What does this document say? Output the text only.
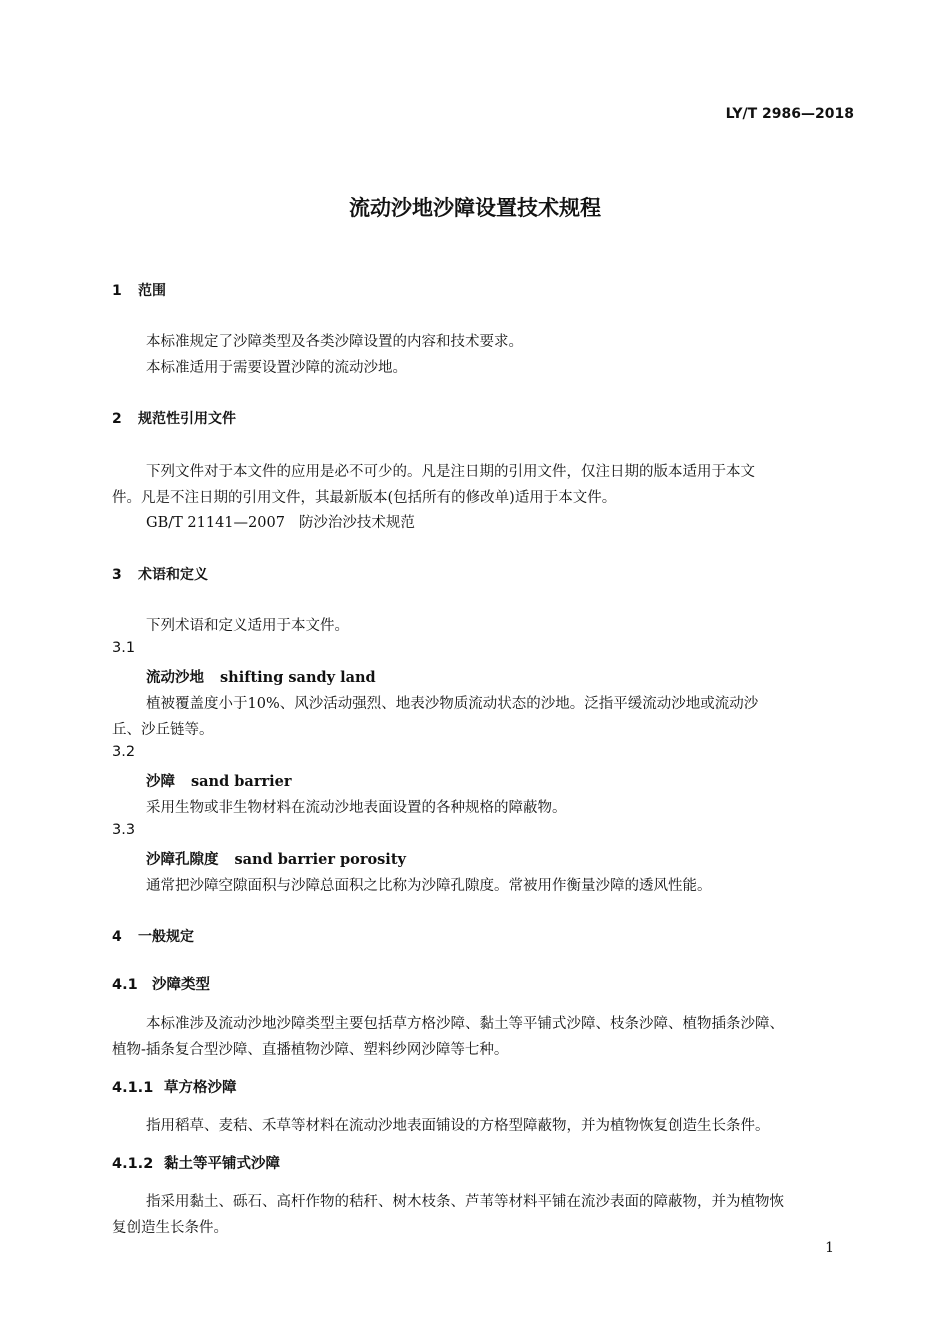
LY/T 2986—2018
流动沙地沙障设置技术规程
1 范围
本标准规定了沙障类型及各类沙障设置的内容和技术要求。
本标准适用于需要设置沙障的流动沙地。
2 规范性引用文件
下列文件对于本文件的应用是必不可少的。凡是注日期的引用文件，仅注日期的版本适用于本文
件。凡是不注日期的引用文件，其最新版本(包括所有的修改单)适用于本文件。
GB/T 21141—2007 防沙治沙技术规范
3 术语和定义
下列术语和定义适用于本文件。
3.1
流动沙地 shifting sandy land
植被覆盖度小于10%、风沙活动强烈、地表沙物质流动状态的沙地。泛指平缓流动沙地或流动沙
丘、沙丘链等。
3.2
沙障 sand barrier
采用生物或非生物材料在流动沙地表面设置的各种规格的障蔽物。
3.3
沙障孔隙度 sand barrier porosity
通常把沙障空隙面积与沙障总面积之比称为沙障孔隙度。常被用作衡量沙障的透风性能。
4 一般规定
4.1 沙障类型
本标准涉及流动沙地沙障类型主要包括草方格沙障、黏土等平铺式沙障、枝条沙障、植物插条沙障、
植物-插条复合型沙障、直播植物沙障、塑料纱网沙障等七种。
4.1.1 草方格沙障
指用稻草、麦秸、禾草等材料在流动沙地表面铺设的方格型障蔽物，并为植物恢复创造生长条件。
4.1.2 黏土等平铺式沙障
指采用黏土、砾石、高杆作物的秸秆、树木枝条、芦苇等材料平铺在流沙表面的障蔽物，并为植物恢
复创造生长条件。
1
